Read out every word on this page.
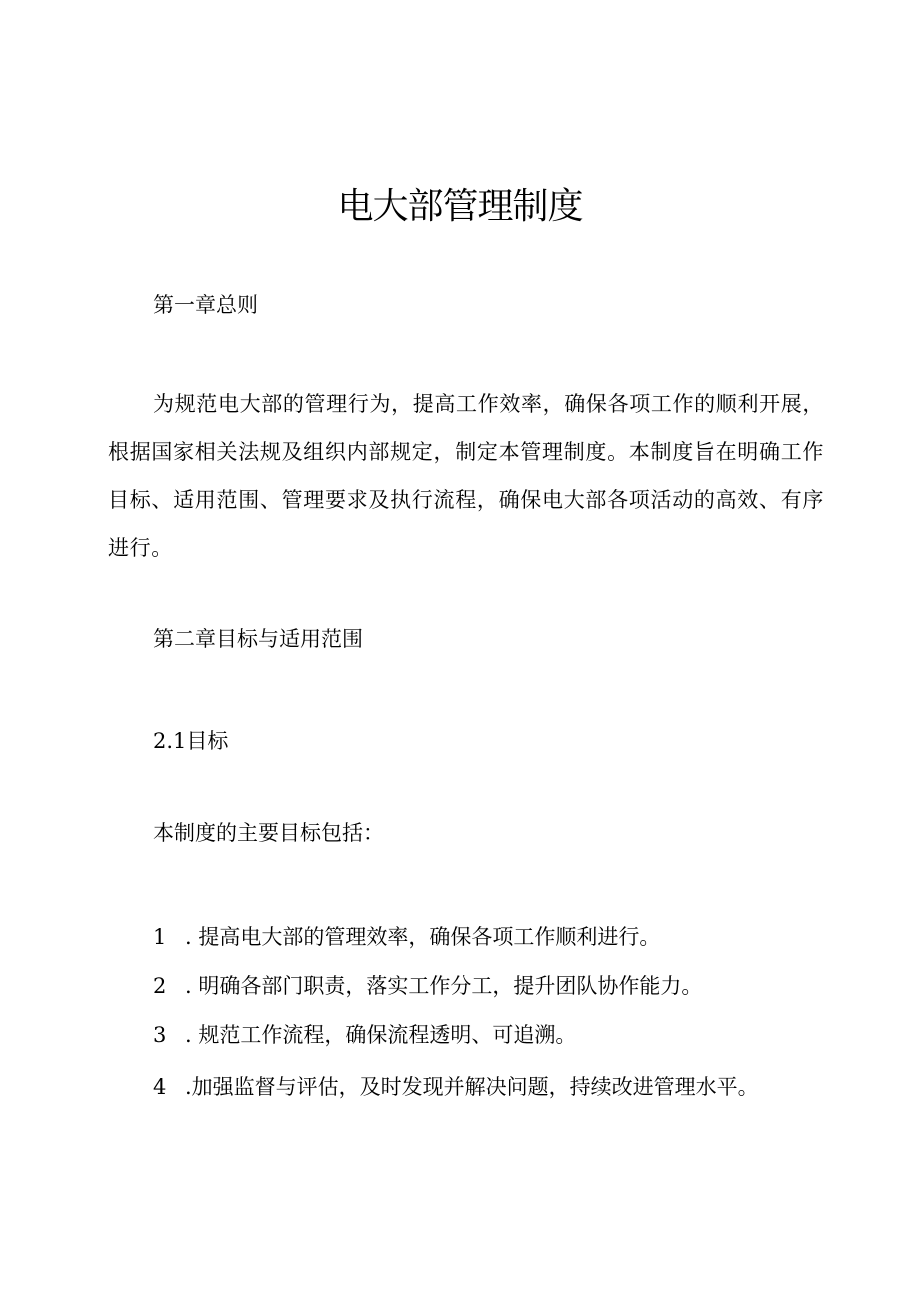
电大部管理制度
第一章总则
为规范电大部的管理行为，提高工作效率，确保各项工作的顺利开展，根据国家相关法规及组织内部规定，制定本管理制度。本制度旨在明确工作目标、适用范围、管理要求及执行流程，确保电大部各项活动的高效、有序进行。
第二章目标与适用范围
2.1目标
本制度的主要目标包括：
1 . 提高电大部的管理效率，确保各项工作顺利进行。
2 . 明确各部门职责，落实工作分工，提升团队协作能力。
3 . 规范工作流程，确保流程透明、可追溯。
4 .加强监督与评估，及时发现并解决问题，持续改进管理水平。
